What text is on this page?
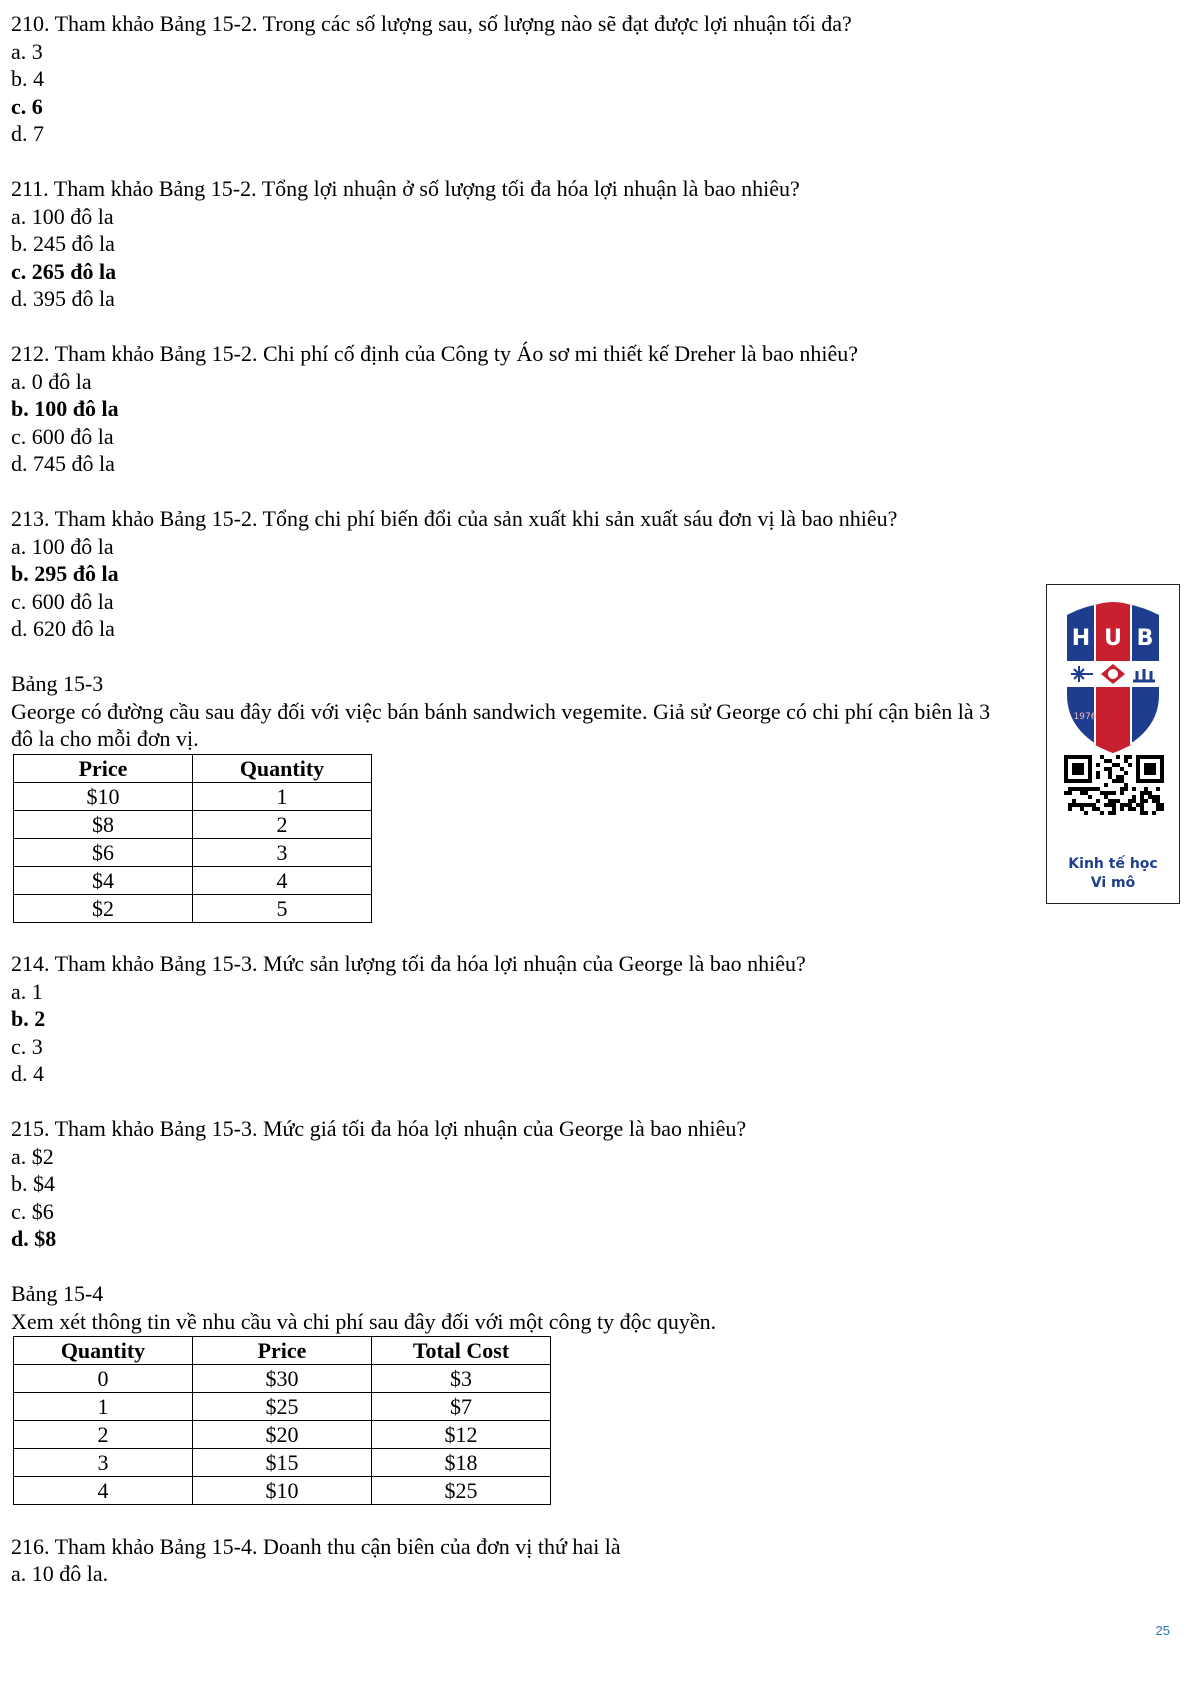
210. Tham khảo Bảng 15-2. Trong các số lượng sau, số lượng nào sẽ đạt được lợi nhuận tối đa?
a. 3
b. 4
c. 6
d. 7
211. Tham khảo Bảng 15-2. Tổng lợi nhuận ở số lượng tối đa hóa lợi nhuận là bao nhiêu?
a. 100 đô la
b. 245 đô la
c. 265 đô la
d. 395 đô la
212. Tham khảo Bảng 15-2. Chi phí cố định của Công ty Áo sơ mi thiết kế Dreher là bao nhiêu?
a. 0 đô la
b. 100 đô la
c. 600 đô la
d. 745 đô la
213. Tham khảo Bảng 15-2. Tổng chi phí biến đổi của sản xuất khi sản xuất sáu đơn vị là bao nhiêu?
a. 100 đô la
b. 295 đô la
c. 600 đô la
d. 620 đô la
Bảng 15-3
George có đường cầu sau đây đối với việc bán bánh sandwich vegemite. Giả sử George có chi phí cận biên là 3 đô la cho mỗi đơn vị.
Price	Quantity
$10	1
$8	2
$6	3
$4	4
$2	5
214. Tham khảo Bảng 15-3. Mức sản lượng tối đa hóa lợi nhuận của George là bao nhiêu?
a. 1
b. 2
c. 3
d. 4
215. Tham khảo Bảng 15-3. Mức giá tối đa hóa lợi nhuận của George là bao nhiêu?
a. $2
b. $4
c. $6
d. $8
Bảng 15-4
Xem xét thông tin về nhu cầu và chi phí sau đây đối với một công ty độc quyền.
Quantity	Price	Total Cost
0	$30	$3
1	$25	$7
2	$20	$12
3	$15	$18
4	$10	$25
216. Tham khảo Bảng 15-4. Doanh thu cận biên của đơn vị thứ hai là
a. 10 đô la.
H U B
1976
Kinh tế học
Vi mô
25
